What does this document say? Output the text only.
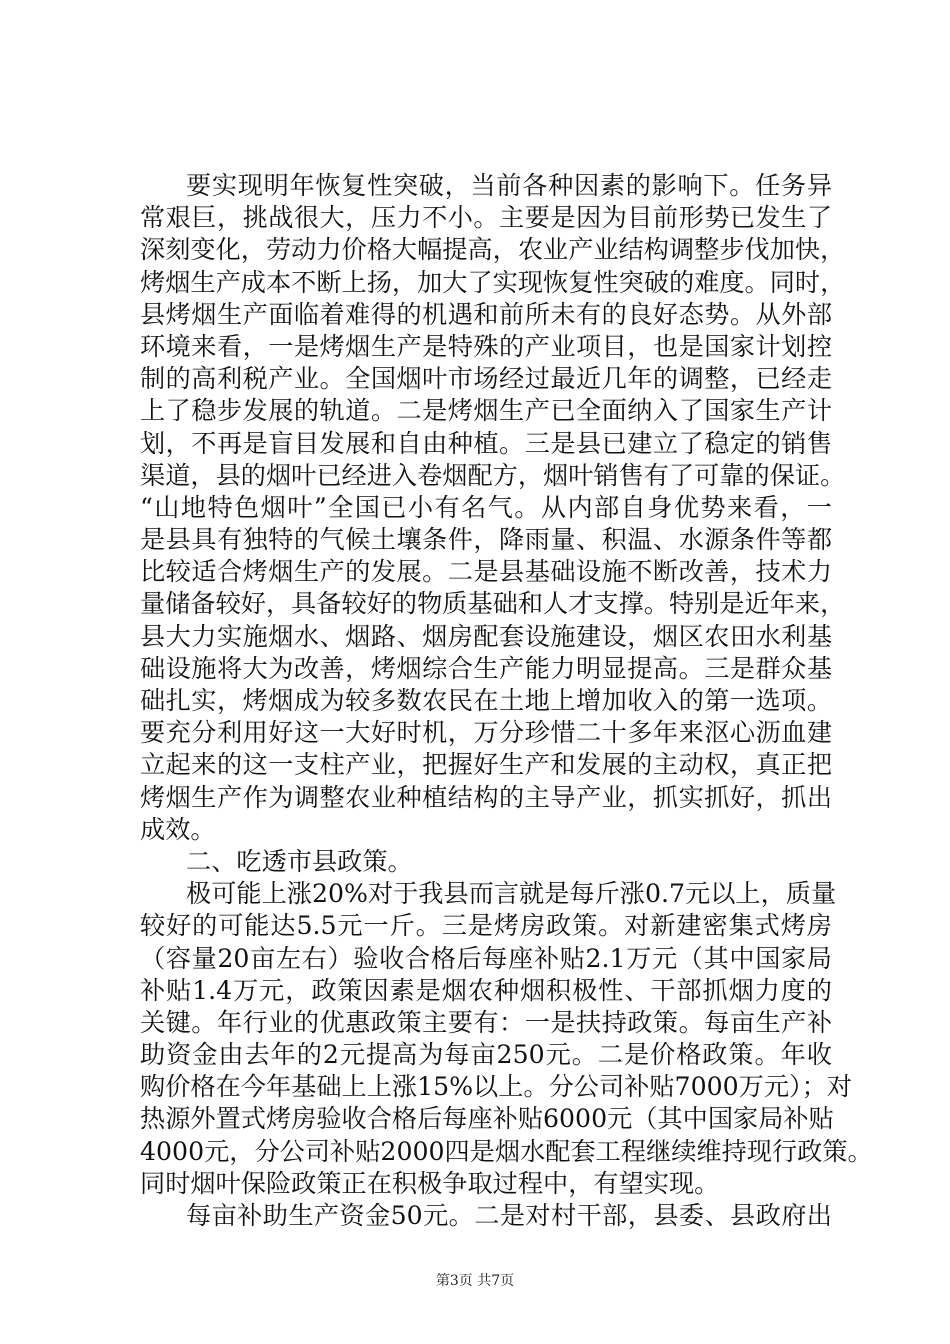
要实现明年恢复性突破，当前各种因素的影响下。任务异
常艰巨，挑战很大，压力不小。主要是因为目前形势已发生了
深刻变化，劳动力价格大幅提高，农业产业结构调整步伐加快，
烤烟生产成本不断上扬，加大了实现恢复性突破的难度。同时，
县烤烟生产面临着难得的机遇和前所未有的良好态势。从外部
环境来看，一是烤烟生产是特殊的产业项目，也是国家计划控
制的高利税产业。全国烟叶市场经过最近几年的调整，已经走
上了稳步发展的轨道。二是烤烟生产已全面纳入了国家生产计
划，不再是盲目发展和自由种植。三是县已建立了稳定的销售
渠道，县的烟叶已经进入卷烟配方，烟叶销售有了可靠的保证。
“山地特色烟叶”全国已小有名气。从内部自身优势来看，一
是县具有独特的气候土壤条件，降雨量、积温、水源条件等都
比较适合烤烟生产的发展。二是县基础设施不断改善，技术力
量储备较好，具备较好的物质基础和人才支撑。特别是近年来，
县大力实施烟水、烟路、烟房配套设施建设，烟区农田水利基
础设施将大为改善，烤烟综合生产能力明显提高。三是群众基
础扎实，烤烟成为较多数农民在土地上增加收入的第一选项。
要充分利用好这一大好时机，万分珍惜二十多年来沤心沥血建
立起来的这一支柱产业，把握好生产和发展的主动权，真正把
烤烟生产作为调整农业种植结构的主导产业，抓实抓好，抓出
成效。
二、吃透市县政策。
极可能上涨20%对于我县而言就是每斤涨0.7元以上，质量
较好的可能达5.5元一斤。三是烤房政策。对新建密集式烤房
（容量20亩左右）验收合格后每座补贴2.1万元（其中国家局
补贴1.4万元，政策因素是烟农种烟积极性、干部抓烟力度的
关键。年行业的优惠政策主要有：一是扶持政策。每亩生产补
助资金由去年的2元提高为每亩250元。二是价格政策。年收
购价格在今年基础上上涨15%以上。分公司补贴7000万元）；对
热源外置式烤房验收合格后每座补贴6000元（其中国家局补贴
4000元，分公司补贴2000四是烟水配套工程继续维持现行政策。
同时烟叶保险政策正在积极争取过程中，有望实现。
每亩补助生产资金50元。二是对村干部，县委、县政府出
第3页 共7页
